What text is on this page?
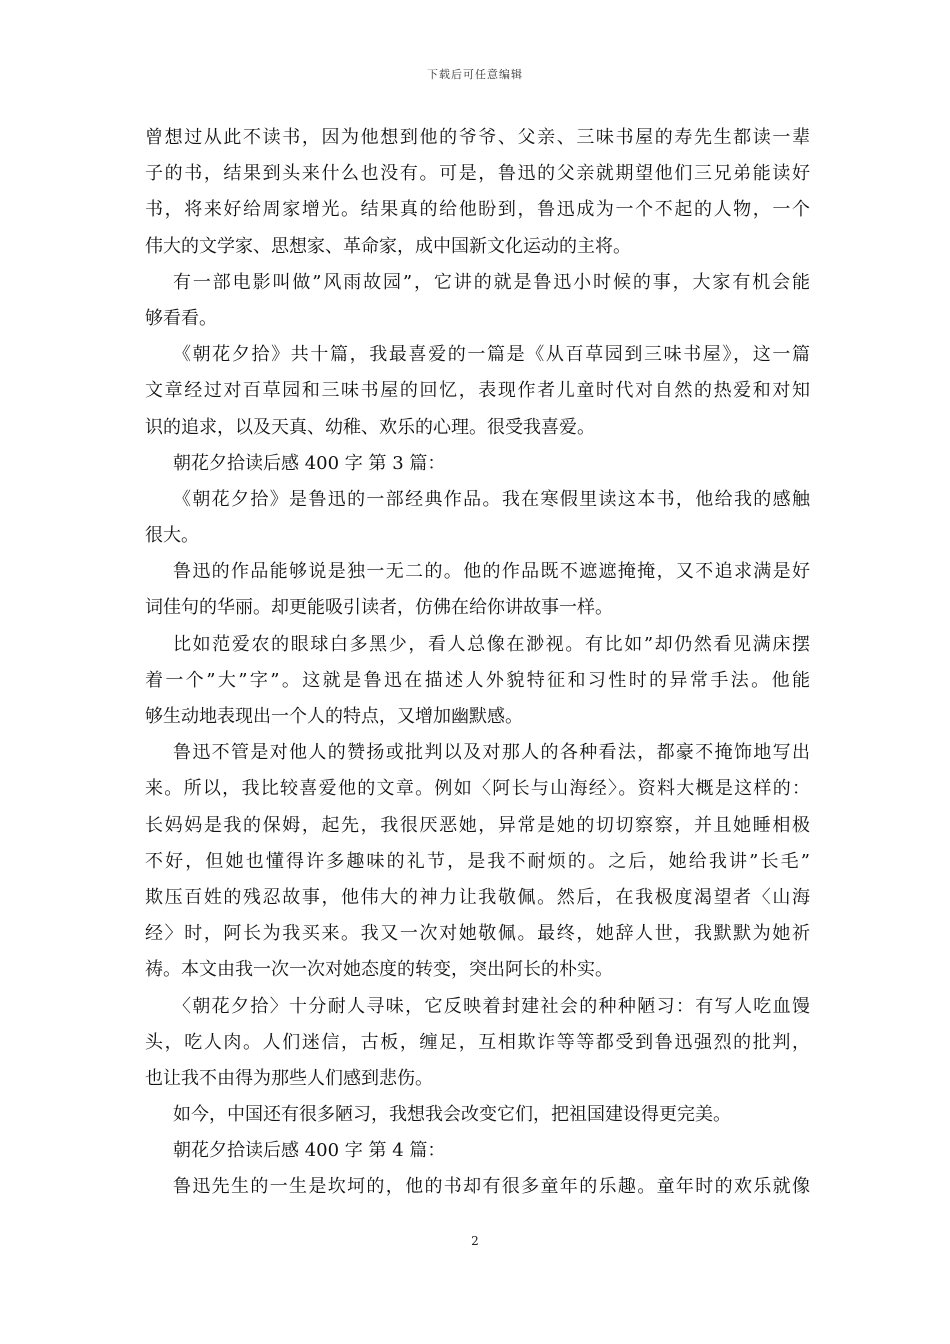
下载后可任意编辑
曾想过从此不读书，因为他想到他的爷爷、父亲、三味书屋的寿先生都读一辈
子的书，结果到头来什么也没有。可是，鲁迅的父亲就期望他们三兄弟能读好
书，将来好给周家增光。结果真的给他盼到，鲁迅成为一个不起的人物，一个
伟大的文学家、思想家、革命家，成中国新文化运动的主将。
有一部电影叫做”风雨故园”，它讲的就是鲁迅小时候的事，大家有机会能
够看看。
《朝花夕拾》共十篇，我最喜爱的一篇是《从百草园到三味书屋》，这一篇
文章经过对百草园和三味书屋的回忆，表现作者儿童时代对自然的热爱和对知
识的追求，以及天真、幼稚、欢乐的心理。很受我喜爱。
朝花夕拾读后感 400 字 第 3 篇：
《朝花夕拾》是鲁迅的一部经典作品。我在寒假里读这本书，他给我的感触
很大。
鲁迅的作品能够说是独一无二的。他的作品既不遮遮掩掩，又不追求满是好
词佳句的华丽。却更能吸引读者，仿佛在给你讲故事一样。
比如范爱农的眼球白多黑少，看人总像在渺视。有比如”却仍然看见满床摆
着一个”大”字”。这就是鲁迅在描述人外貌特征和习性时的异常手法。他能
够生动地表现出一个人的特点，又增加幽默感。
鲁迅不管是对他人的赞扬或批判以及对那人的各种看法，都豪不掩饰地写出
来。所以，我比较喜爱他的文章。例如〈阿长与山海经〉。资料大概是这样的：
长妈妈是我的保姆，起先，我很厌恶她，异常是她的切切察察，并且她睡相极
不好，但她也懂得许多趣味的礼节，是我不耐烦的。之后，她给我讲”长毛”
欺压百姓的残忍故事，他伟大的神力让我敬佩。然后，在我极度渴望者〈山海
经〉时，阿长为我买来。我又一次对她敬佩。最终，她辞人世，我默默为她祈
祷。本文由我一次一次对她态度的转变，突出阿长的朴实。
〈朝花夕拾〉十分耐人寻味，它反映着封建社会的种种陋习：有写人吃血馒
头，吃人肉。人们迷信，古板，缠足，互相欺诈等等都受到鲁迅强烈的批判，
也让我不由得为那些人们感到悲伤。
如今，中国还有很多陋习，我想我会改变它们，把祖国建设得更完美。
朝花夕拾读后感 400 字 第 4 篇：
鲁迅先生的一生是坎坷的，他的书却有很多童年的乐趣。童年时的欢乐就像
2
